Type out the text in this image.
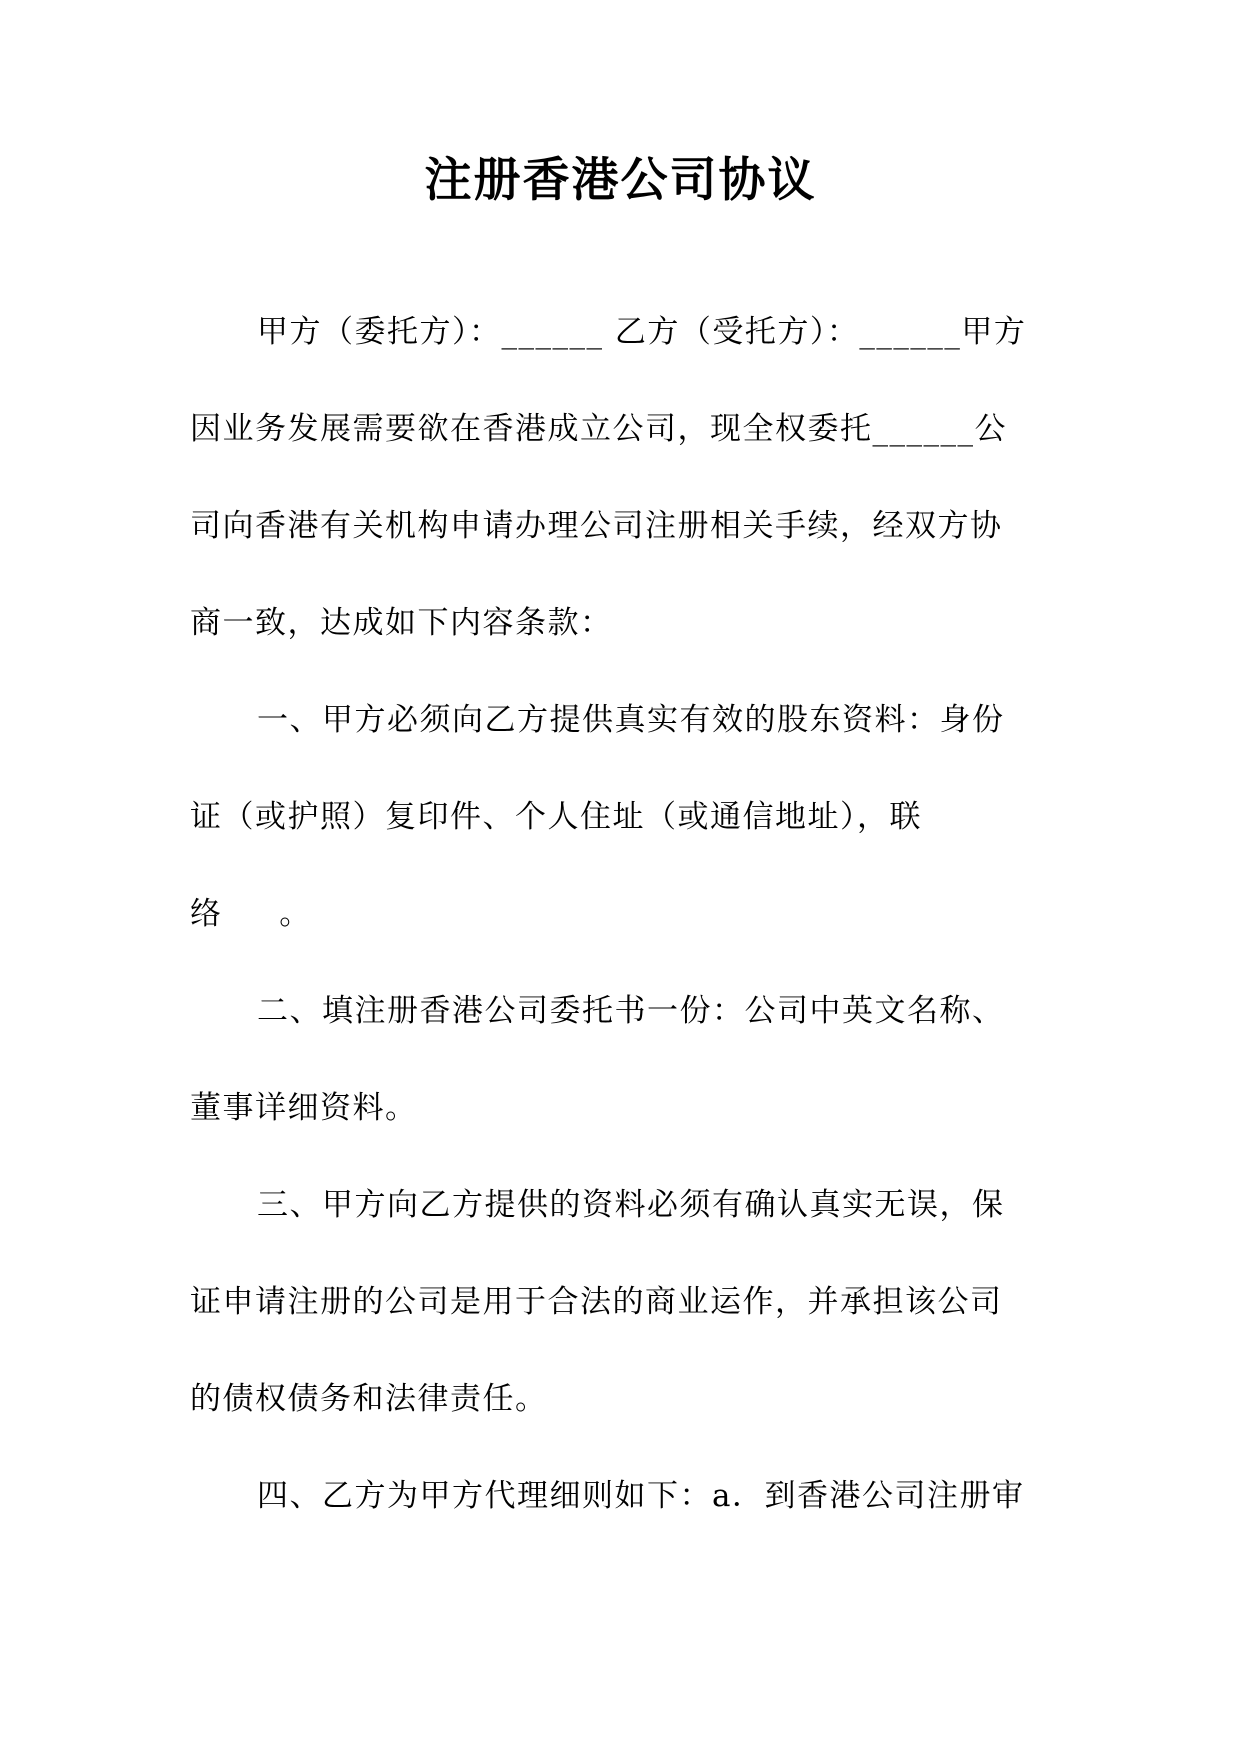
注册香港公司协议
甲方（委托方）：______ 乙方（受托方）：______甲方
因业务发展需要欲在香港成立公司，现全权委托______公
司向香港有关机构申请办理公司注册相关手续，经双方协
商一致，达成如下内容条款：
一、甲方必须向乙方提供真实有效的股东资料：身份
证（或护照）复印件、个人住址（或通信地址），联
络     。
二、填注册香港公司委托书一份：公司中英文名称、
董事详细资料。
三、甲方向乙方提供的资料必须有确认真实无误，保
证申请注册的公司是用于合法的商业运作，并承担该公司
的债权债务和法律责任。
四、乙方为甲方代理细则如下：a．到香港公司注册审
